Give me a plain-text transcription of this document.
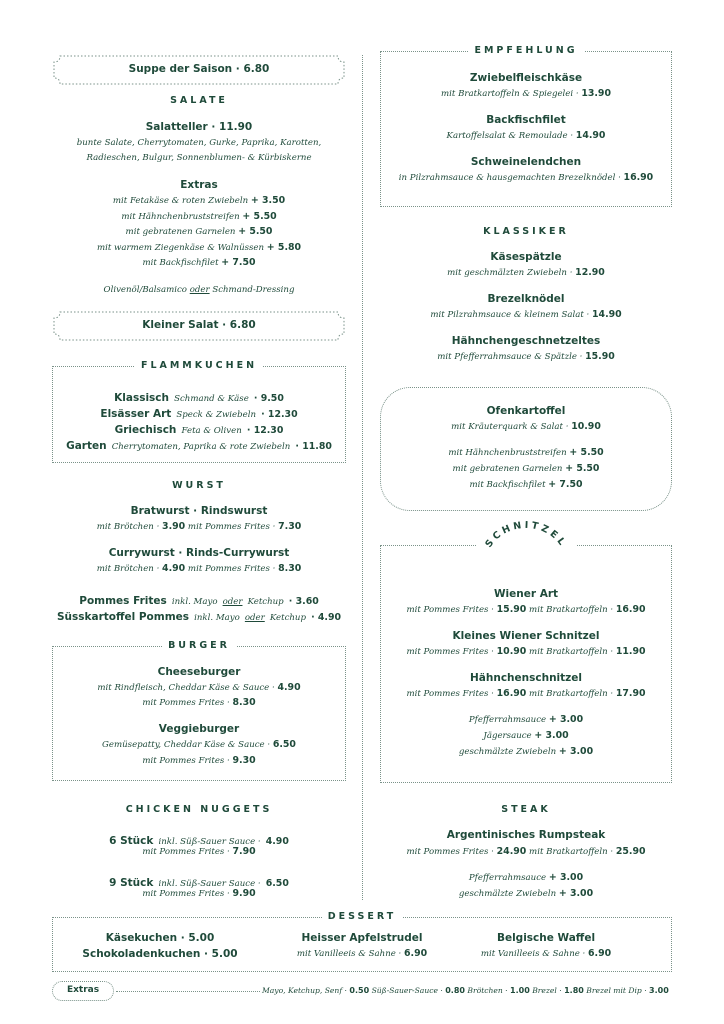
Suppe der Saison · 6.80
SALATE
Salatteller · 11.90
bunte Salate, Cherrytomaten, Gurke, Paprika, Karotten,
Radieschen, Bulgur, Sonnenblumen- & Kürbiskerne
Extras
mit Fetakäse & roten Zwiebeln + 3.50
mit Hähnchenbruststreifen + 5.50
mit gebratenen Garnelen + 5.50
mit warmem Ziegenkäse & Walnüssen + 5.80
mit Backfischfilet + 7.50
Olivenöl/Balsamico oder Schmand-Dressing
Kleiner Salat · 6.80
FLAMMKUCHEN
Klassisch Schmand & Käse · 9.50
Elsässer Art Speck & Zwiebeln · 12.30
Griechisch Feta & Oliven · 12.30
Garten Cherrytomaten, Paprika & rote Zwiebeln · 11.80
WURST
Bratwurst · Rindswurst
mit Brötchen · 3.90 mit Pommes Frites · 7.30
Currywurst · Rinds-Currywurst
mit Brötchen · 4.90 mit Pommes Frites · 8.30
Pommes Frites inkl. Mayo oder Ketchup · 3.60
Süsskartoffel Pommes inkl. Mayo oder Ketchup · 4.90
BURGER
Cheeseburger
mit Rindfleisch, Cheddar Käse & Sauce · 4.90
mit Pommes Frites · 8.30
Veggieburger
Gemüsepatty, Cheddar Käse & Sauce · 6.50
mit Pommes Frites · 9.30
CHICKEN NUGGETS
6 Stück inkl. Süß-Sauer Sauce · 4.90
mit Pommes Frites · 7.90
9 Stück inkl. Süß-Sauer Sauce · 6.50
mit Pommes Frites · 9.90
EMPFEHLUNG
Zwiebelfleischkäse
mit Bratkartoffeln & Spiegelei · 13.90
Backfischfilet
Kartoffelsalat & Remoulade · 14.90
Schweinelendchen
in Pilzrahmsauce & hausgemachten Brezelknödel · 16.90
KLASSIKER
Käsespätzle
mit geschmälzten Zwiebeln · 12.90
Brezelknödel
mit Pilzrahmsauce & kleinem Salat · 14.90
Hähnchengeschnetzeltes
mit Pfefferrahmsauce & Spätzle · 15.90
Ofenkartoffel
mit Kräuterquark & Salat · 10.90
mit Hähnchenbruststreifen + 5.50
mit gebratenen Garnelen + 5.50
mit Backfischfilet + 7.50
SCHNITZEL
Wiener Art
mit Pommes Frites · 15.90 mit Bratkartoffeln · 16.90
Kleines Wiener Schnitzel
mit Pommes Frites · 10.90 mit Bratkartoffeln · 11.90
Hähnchenschnitzel
mit Pommes Frites · 16.90 mit Bratkartoffeln · 17.90
Pfefferrahmsauce + 3.00
Jägersauce + 3.00
geschmälzte Zwiebeln + 3.00
STEAK
Argentinisches Rumpsteak
mit Pommes Frites · 24.90 mit Bratkartoffeln · 25.90
Pfefferrahmsauce + 3.00
geschmälzte Zwiebeln + 3.00
DESSERT
Käsekuchen · 5.00
Schokoladenkuchen · 5.00
Heisser Apfelstrudel
mit Vanilleeis & Sahne · 6.90
Belgische Waffel
mit Vanilleeis & Sahne · 6.90
Extras	Mayo, Ketchup, Senf · 0.50 Süß-Sauer-Sauce · 0.80 Brötchen · 1.00 Brezel · 1.80 Brezel mit Dip · 3.00
